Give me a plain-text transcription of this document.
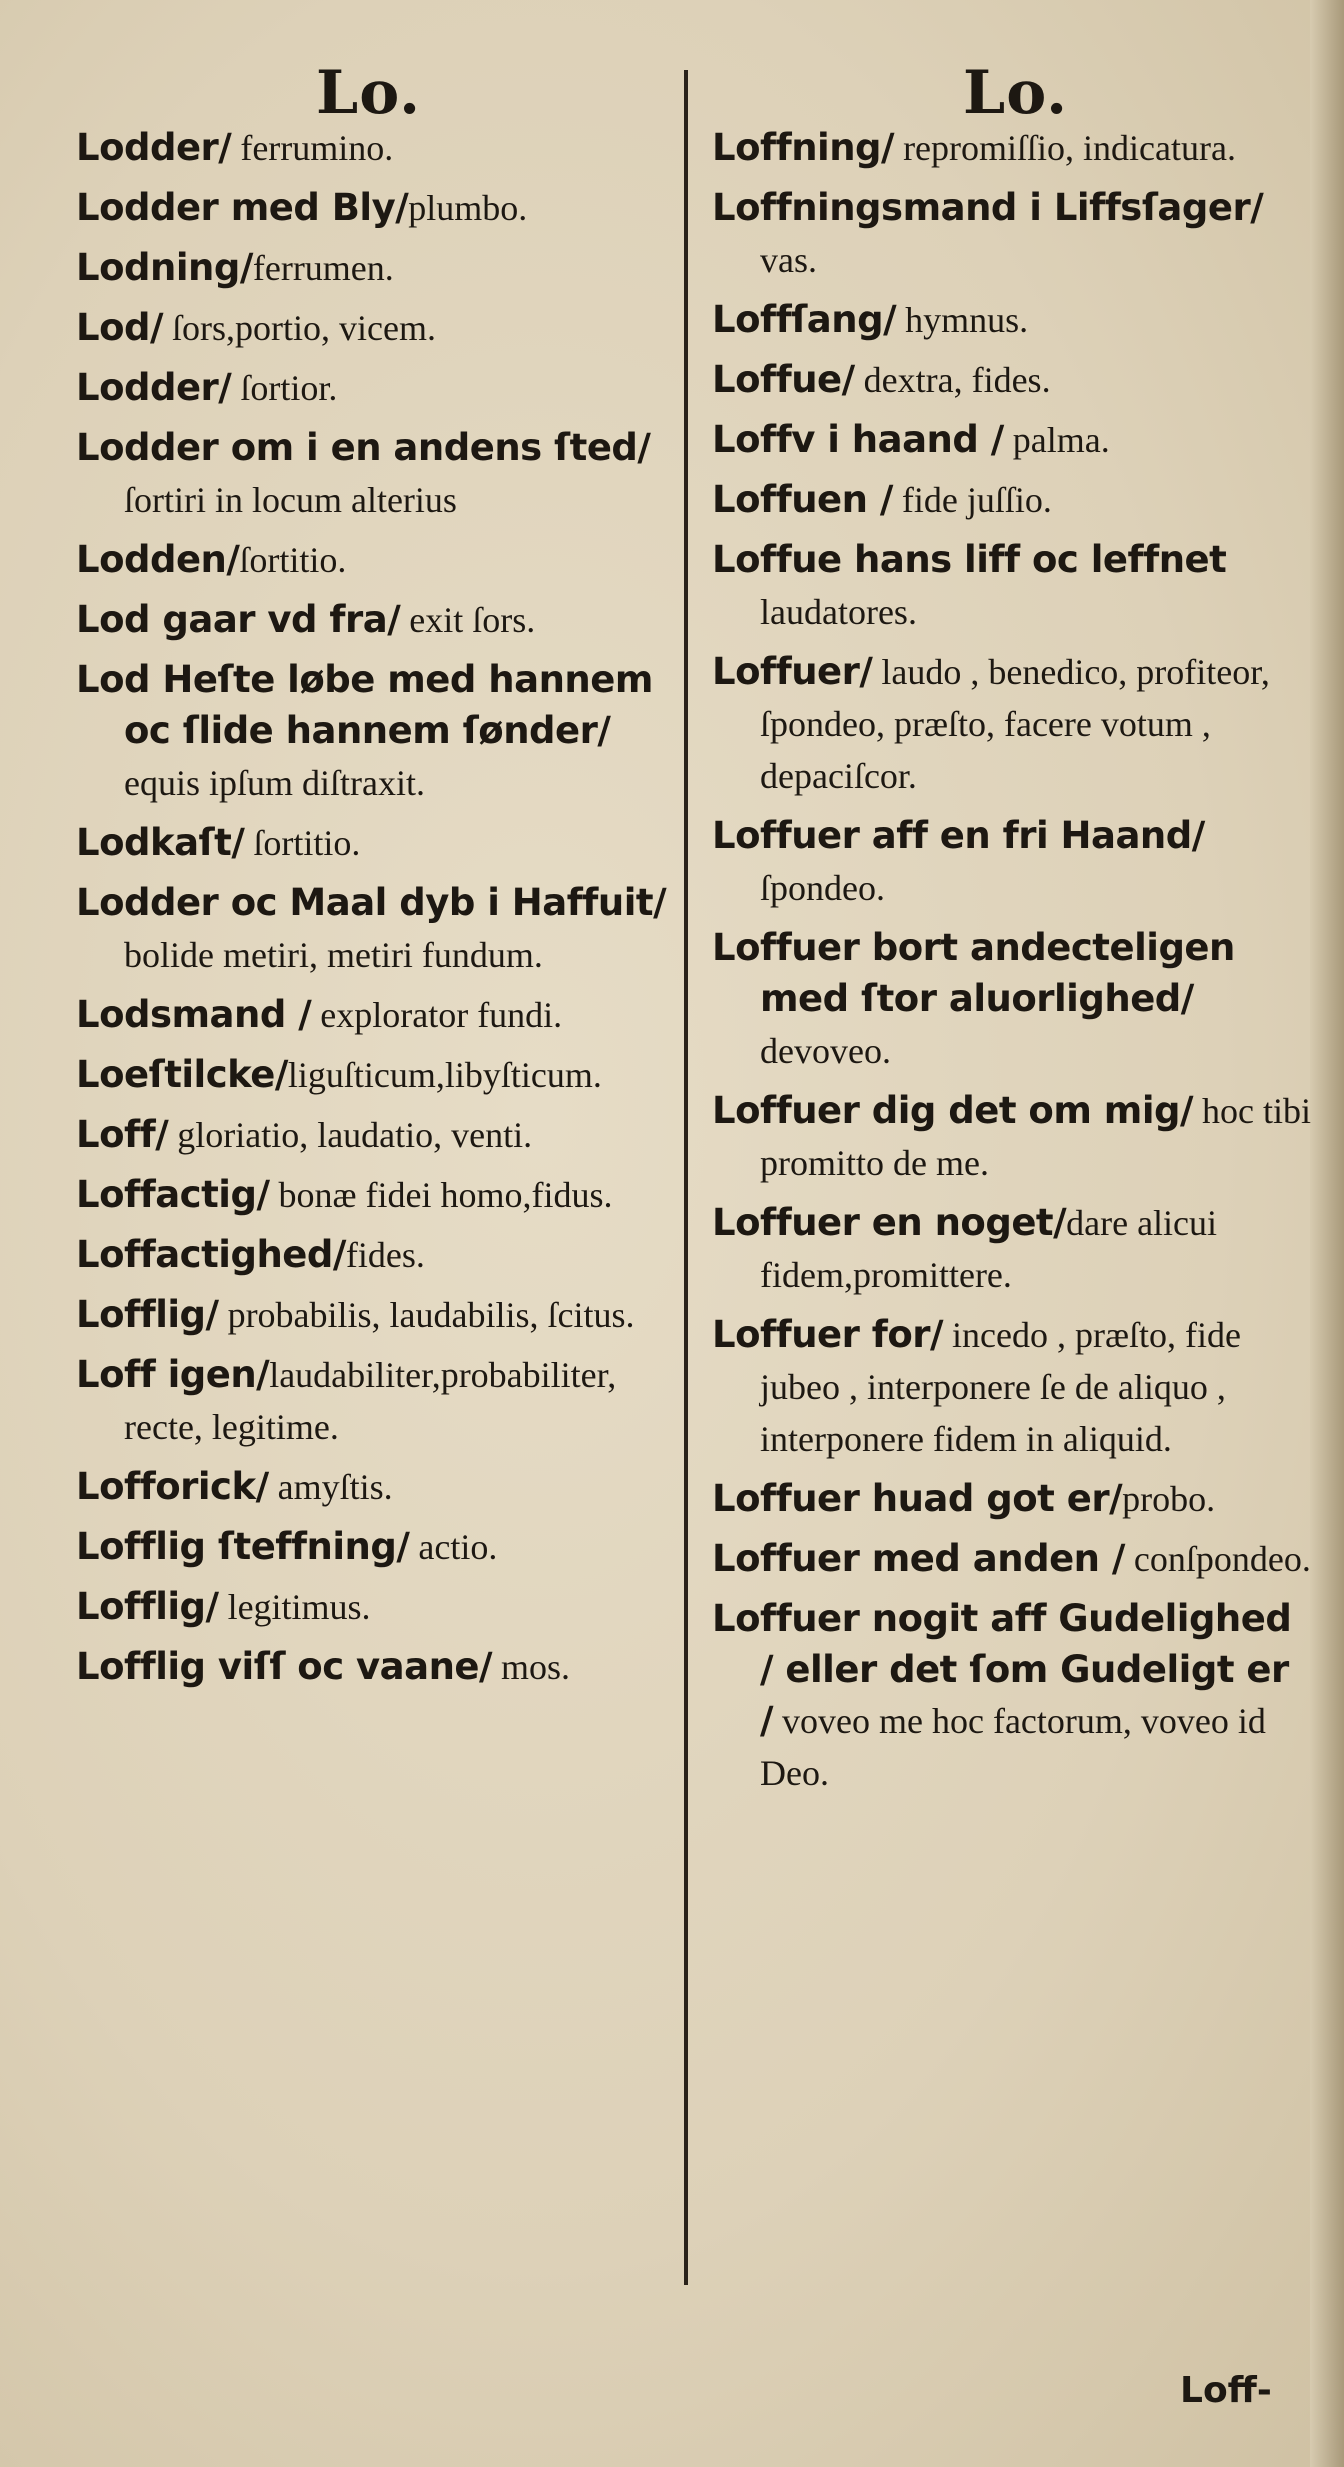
Lo.	Lo.
Lodder/ ferrumino.
Lodder med Bly/plumbo.
Lodning/ferrumen.
Lod/ ſors,portio, vicem.
Lodder/ ſortior.
Lodder om i en andens ſted/ ſortiri in locum alterius
Lodden/ſortitio.
Lod gaar vd fra/ exit ſors.
Lod Heſte løbe med hannem oc ſlide hannem ſønder/ equis ipſum diſtraxit.
Lodkaſt/ ſortitio.
Lodder oc Maal dyb i Haffuit/ bolide metiri, metiri fundum.
Lodsmand / explorator fundi.
Loeſtilcke/liguſticum,libyſticum.
Loff/ gloriatio, laudatio, venti.
Loffactig/ bonæ fidei homo,fidus.
Loffactighed/fides.
Lofflig/ probabilis, laudabilis, ſcitus.
Loff igen/laudabiliter,probabiliter, recte, legitime.
Lofforick/ amyſtis.
Lofflig ſteffning/ actio.
Lofflig/ legitimus.
Lofflig viſſ oc vaane/ mos.
Loffning/ repromiſſio, indicatura.
Loffningsmand i Liffsſager/ vas.
Loffſang/ hymnus.
Loffue/ dextra, fides.
Loffv i haand / palma.
Loffuen / fide juſſio.
Loffue hans liff oc leffnet laudatores.
Loffuer/ laudo , benedico, profiteor, ſpondeo, præſto, facere votum , depaciſcor.
Loffuer aff en fri Haand/ ſpondeo.
Loffuer bort andecteligen med ſtor aluorlighed/ devoveo.
Loffuer dig det om mig/ hoc tibi promitto de me.
Loffuer en noget/dare alicui fidem,promittere.
Loffuer for/ incedo , præſto, fide jubeo , interponere ſe de aliquo , interponere fidem in aliquid.
Loffuer huad got er/probo.
Loffuer med anden / conſpondeo.
Loffuer nogit aff Gudelighed / eller det ſom Gudeligt er / voveo me hoc factorum, voveo id Deo.
Loff-
